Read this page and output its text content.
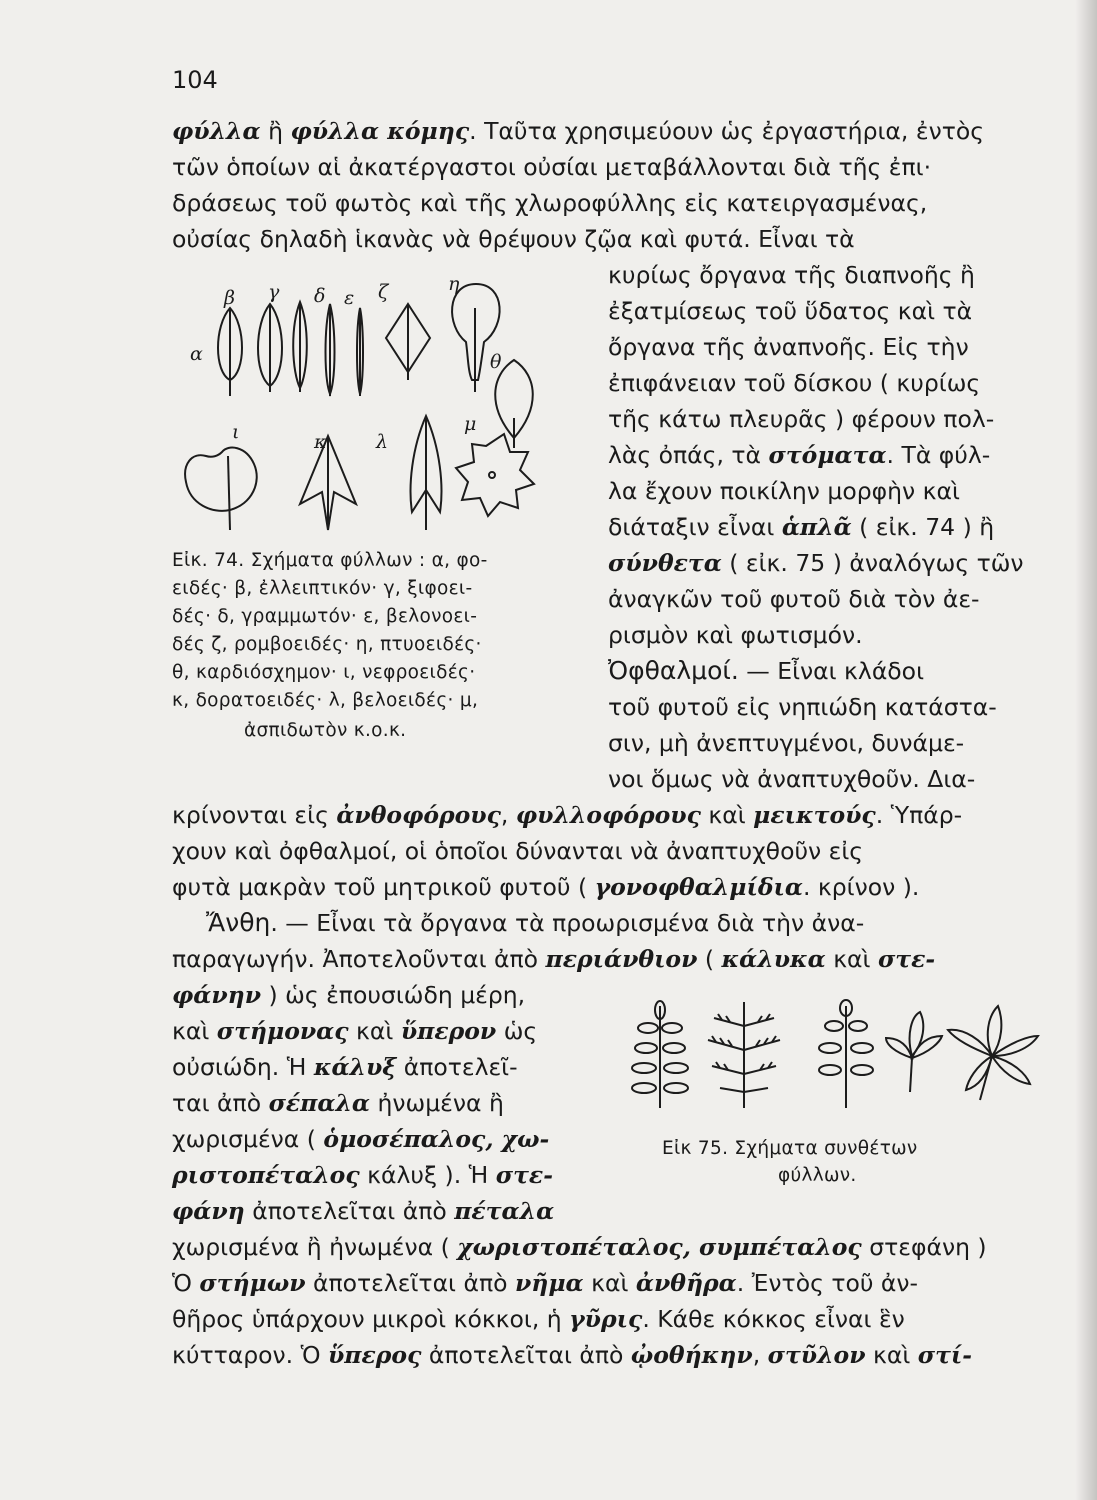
104
φύλλα ἢ φύλλα κόμης. Ταῦτα χρησιμεύουν ὡς ἐργαστήρια, ἐντὸς
τῶν ὁποίων αἱ ἀκατέργαστοι οὐσίαι μεταβάλλονται διὰ τῆς ἐπι·
δράσεως τοῦ φωτὸς καὶ τῆς χλωροφύλλης εἰς κατειργασμένας,
οὐσίας δηλαδὴ ἱκανὰς νὰ θρέψουν ζῷα καὶ φυτά. Εἶναι τὰ
κυρίως ὄργανα τῆς διαπνοῆς ἢ
ἐξατμίσεως τοῦ ὕδατος καὶ τὰ
ὄργανα τῆς ἀναπνοῆς. Εἰς τὴν
ἐπιφάνειαν τοῦ δίσκου ( κυρίως
τῆς κάτω πλευρᾶς ) φέρουν πολ-
λὰς ὀπάς, τὰ στόματα. Τὰ φύλ-
λα ἔχουν ποικίλην μορφὴν καὶ
διάταξιν εἶναι ἁπλᾶ ( εἰκ. 74 ) ἢ
σύνθετα ( εἰκ. 75 ) ἀναλόγως τῶν
ἀναγκῶν τοῦ φυτοῦ διὰ τὸν ἀε-
ρισμὸν καὶ φωτισμόν.
Ὀφθαλμοί. — Εἶναι κλάδοι
τοῦ φυτοῦ εἰς νηπιώδη κατάστα-
σιν, μὴ ἀνεπτυγμένοι, δυνάμε-
νοι ὅμως νὰ ἀναπτυχθοῦν. Δια-
β γ δ ε ζ	η
α	θ
ι	κ	λ
μ
Εἰκ. 74. Σχήματα φύλλων : α, φο-
ειδές· β, ἐλλειπτικόν· γ, ξιφοει-
δές· δ, γραμμωτόν· ε, βελονοει-
δές ζ, ρομβοειδές· η, πτυοειδές·
θ, καρδιόσχημον· ι, νεφροειδές·
κ, δορατοειδές· λ, βελοειδές· μ,
ἀσπιδωτὸν κ.ο.κ.
κρίνονται εἰς ἀνθοφόρους, φυλλοφόρους καὶ μεικτούς. Ὑπάρ-
χουν καὶ ὀφθαλμοί, οἱ ὁποῖοι δύνανται νὰ ἀναπτυχθοῦν εἰς
φυτὰ μακρὰν τοῦ μητρικοῦ φυτοῦ ( γονοφθαλμίδια. κρίνον ).
Ἄνθη. — Εἶναι τὰ ὄργανα τὰ προωρισμένα διὰ τὴν ἀνα-
παραγωγήν. Ἀποτελοῦνται ἀπὸ περιάνθιον ( κάλυκα καὶ στε-
φάνην ) ὡς ἐπουσιώδη μέρη,
καὶ στήμονας καὶ ὕπερον ὡς
οὐσιώδη. Ἡ κάλυξ ἀποτελεῖ-
ται ἀπὸ σέπαλα ἠνωμένα ἢ
χωρισμένα ( ὁμοσέπαλος, χω-
ριστοπέταλος κάλυξ ). Ἡ στε-
φάνη ἀποτελεῖται ἀπὸ πέταλα
χωρισμένα ἢ ἠνωμένα ( χωριστοπέταλος, συμπέταλος στεφάνη )
Ὁ στήμων ἀποτελεῖται ἀπὸ νῆμα καὶ ἀνθῆρα. Ἐντὸς τοῦ ἀν-
θῆρος ὑπάρχουν μικροὶ κόκκοι, ἡ γῦρις. Κάθε κόκκος εἶναι ἓν
κύτταρον. Ὁ ὕπερος ἀποτελεῖται ἀπὸ ᾠοθήκην, στῦλον καὶ στί-
Εἰκ 75. Σχήματα συνθέτων
φύλλων.
